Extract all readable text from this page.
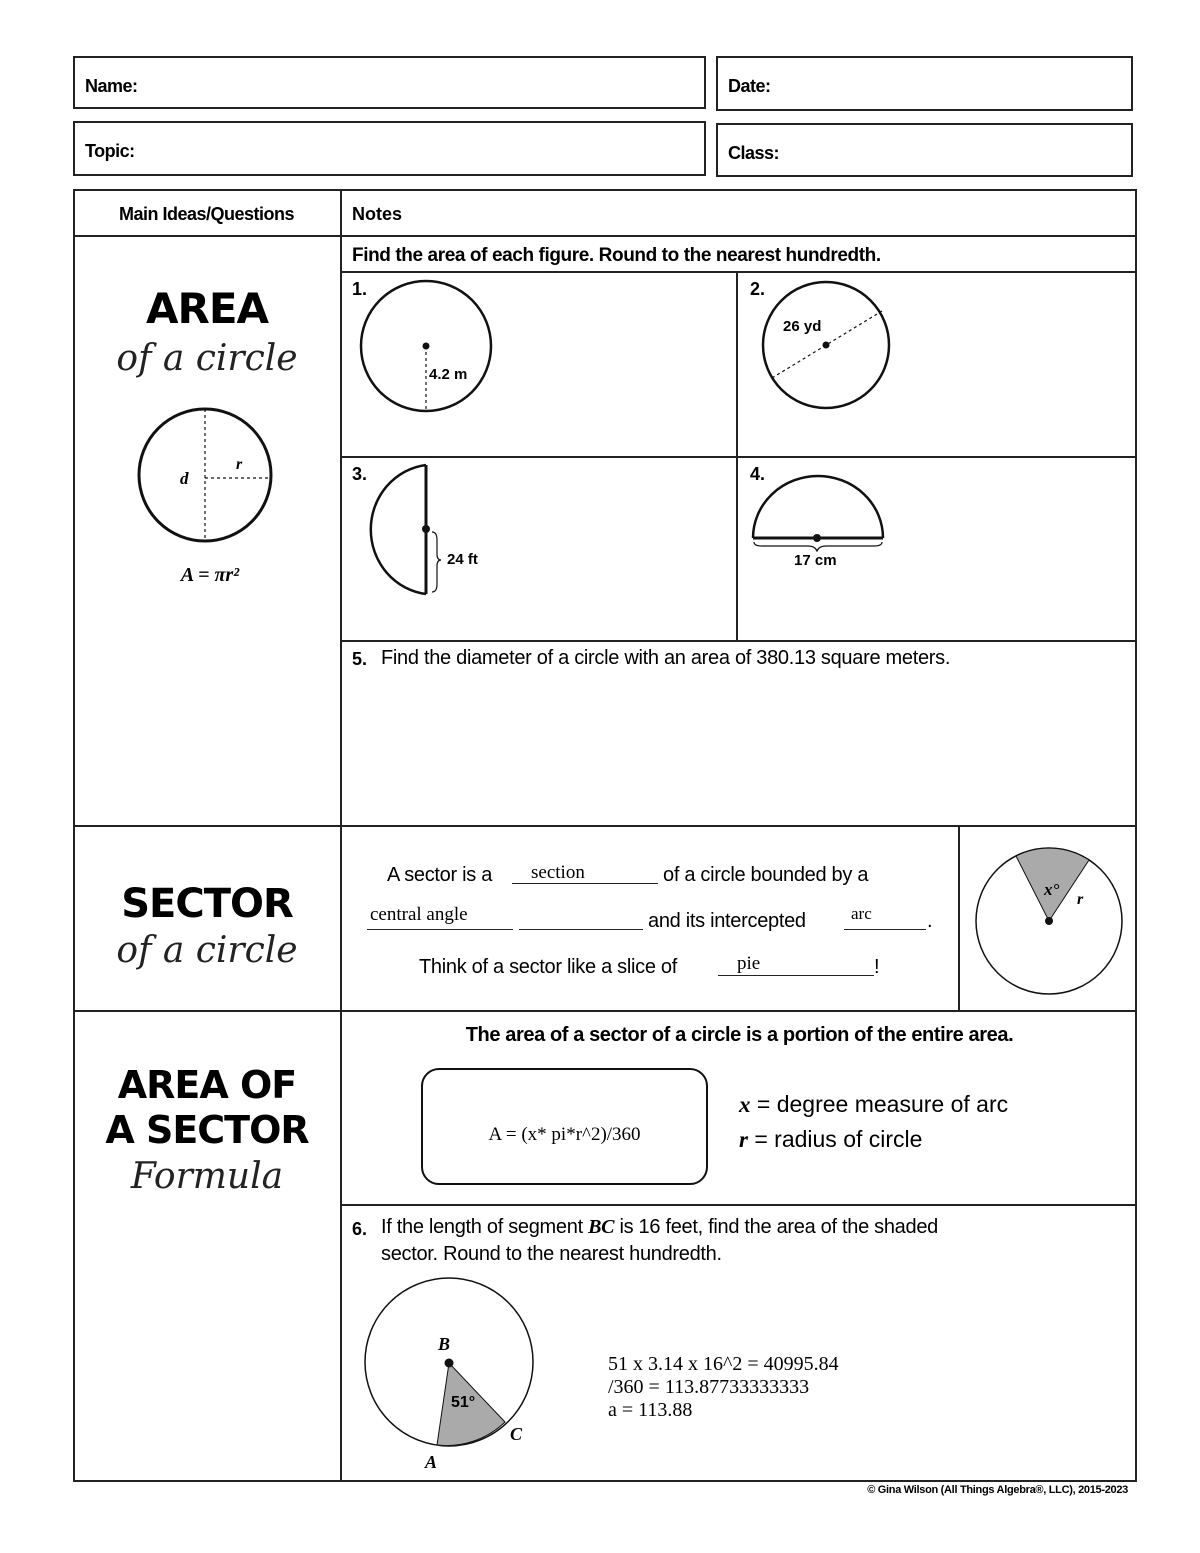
Name:	Date:
Topic:	Class:
Main Ideas/Questions	Notes
AREA
of a circle
d
r
A = πr²
Find the area of each figure. Round to the nearest hundredth.
1.
4.2 m
2.
26 yd
3.
24 ft
4.
17 cm
5. Find the diameter of a circle with an area of 380.13 square meters.
SECTOR
of a circle
A sector is a section	of a circle bounded by a
central angle	and its intercepted	arc	.
Think of a sector like a slice of	pie	!
x°
r
AREA OF
A SECTOR
Formula
The area of a sector of a circle is a portion of the entire area.
A = (x* pi*r^2)/360
x = degree measure of arc
r = radius of circle
6. If the length of segment BC is 16 feet, find the area of the shaded
sector. Round to the nearest hundredth.
B
C
A
51°
51 x 3.14 x 16^2 = 40995.84
/360 = 113.87733333333
a = 113.88
© Gina Wilson (All Things Algebra®, LLC), 2015-2023
